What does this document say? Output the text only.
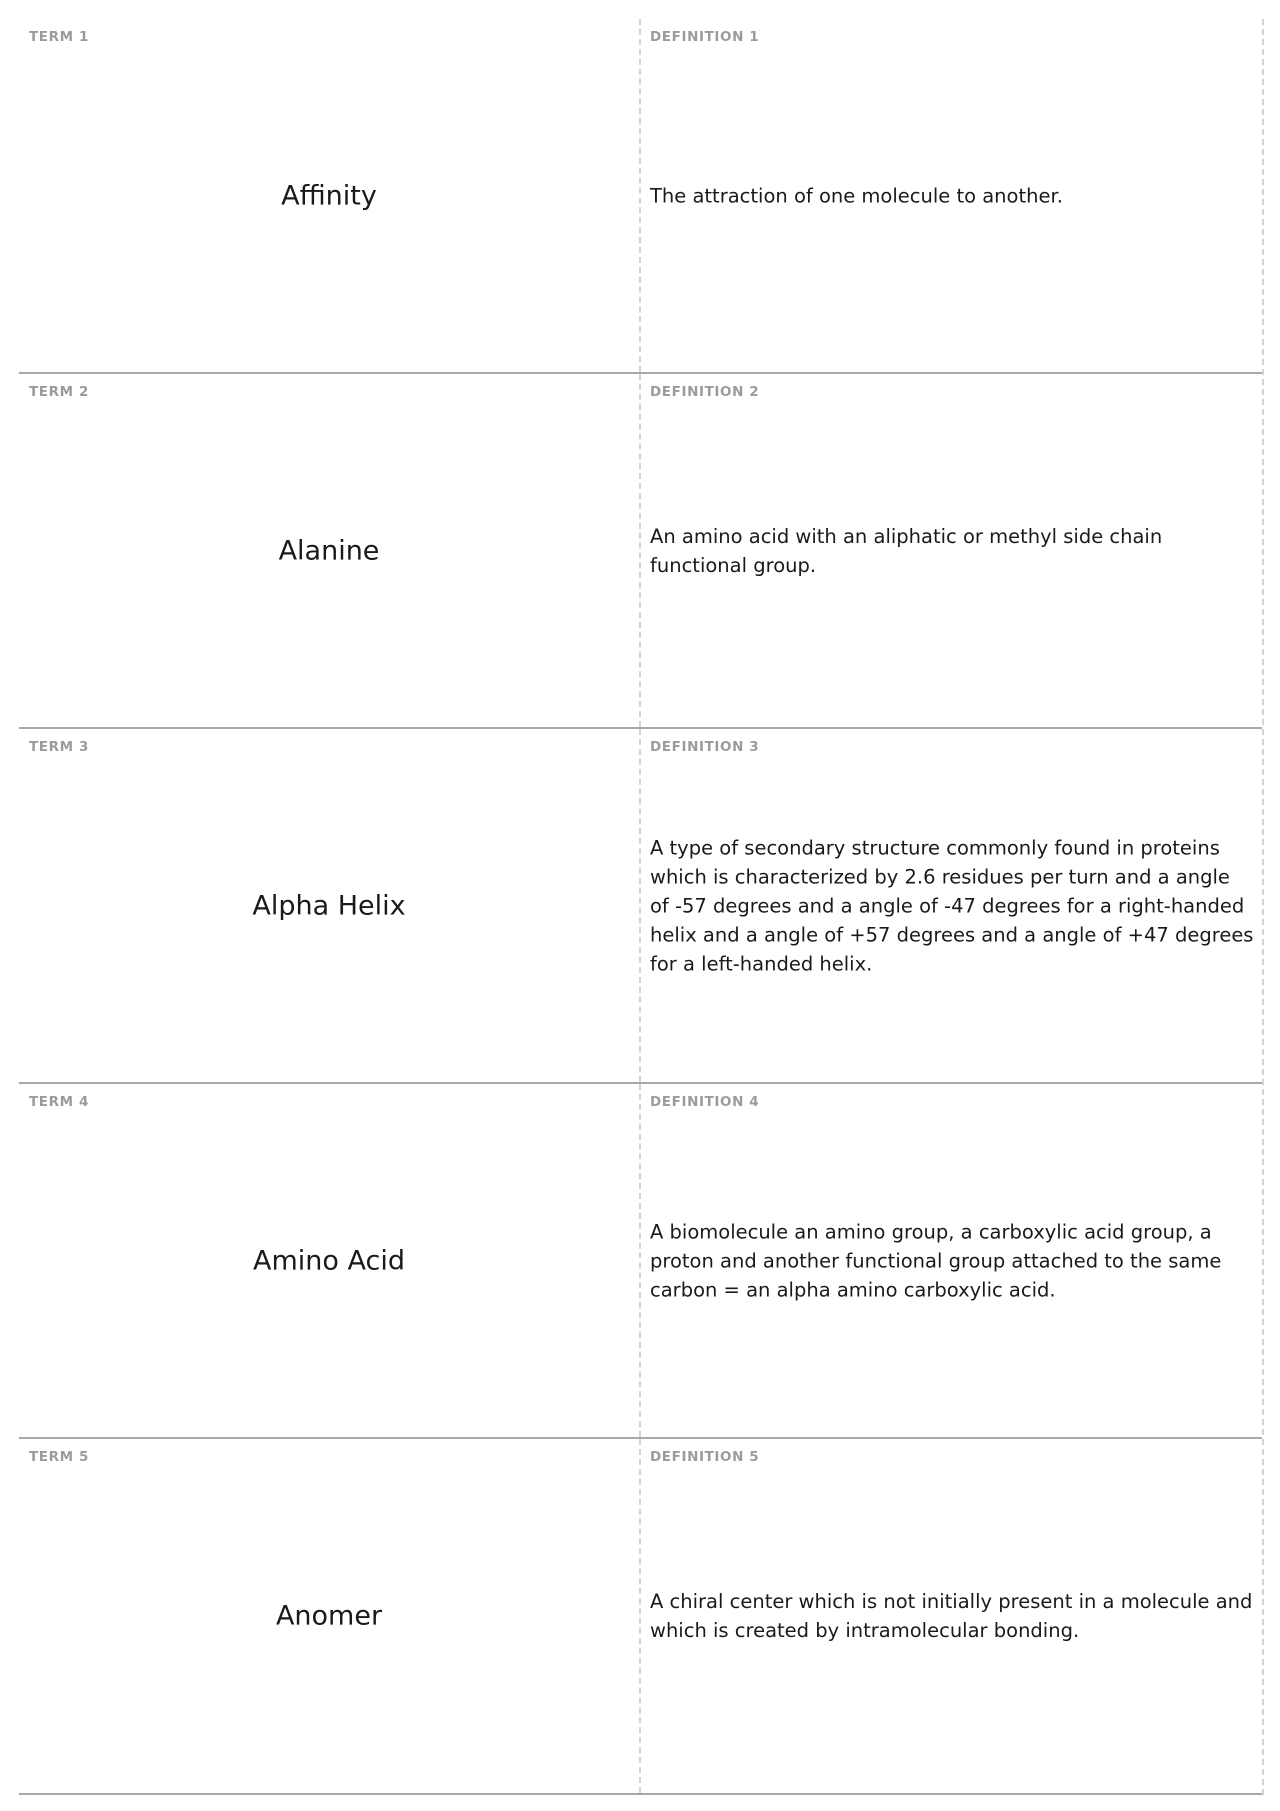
TERM 1
Affinity
DEFINITION 1
The attraction of one molecule to another.
TERM 2
Alanine
DEFINITION 2
An amino acid with an aliphatic or methyl side chain functional group.
TERM 3
Alpha Helix
DEFINITION 3
A type of secondary structure commonly found in proteins which is characterized by 2.6 residues per turn and a angle of -57 degrees and a angle of -47 degrees for a right-handed helix and a angle of +57 degrees and a angle of +47 degrees for a left-handed helix.
TERM 4
Amino Acid
DEFINITION 4
A biomolecule an amino group, a carboxylic acid group, a proton and another functional group attached to the same carbon = an alpha amino carboxylic acid.
TERM 5
Anomer
DEFINITION 5
A chiral center which is not initially present in a molecule and which is created by intramolecular bonding.
